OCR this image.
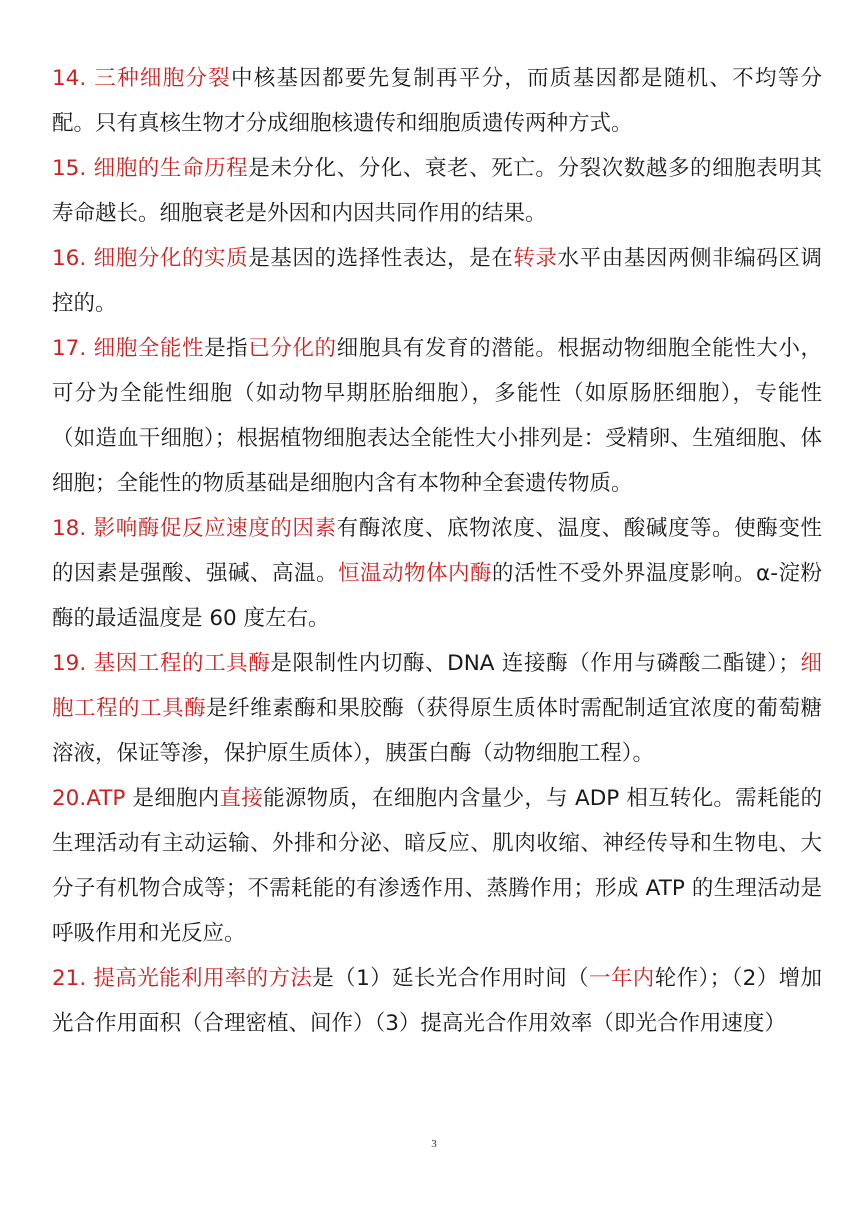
14. 三种细胞分裂中核基因都要先复制再平分，而质基因都是随机、不均等分配。只有真核生物才分成细胞核遗传和细胞质遗传两种方式。

15. 细胞的生命历程是未分化、分化、衰老、死亡。分裂次数越多的细胞表明其寿命越长。细胞衰老是外因和内因共同作用的结果。

16. 细胞分化的实质是基因的选择性表达，是在转录水平由基因两侧非编码区调控的。

17. 细胞全能性是指已分化的细胞具有发育的潜能。根据动物细胞全能性大小，可分为全能性细胞（如动物早期胚胎细胞），多能性（如原肠胚细胞），专能性（如造血干细胞）；根据植物细胞表达全能性大小排列是：受精卵、生殖细胞、体细胞；全能性的物质基础是细胞内含有本物种全套遗传物质。

18. 影响酶促反应速度的因素有酶浓度、底物浓度、温度、酸碱度等。使酶变性的因素是强酸、强碱、高温。恒温动物体内酶的活性不受外界温度影响。α-淀粉酶的最适温度是 60 度左右。

19. 基因工程的工具酶是限制性内切酶、DNA 连接酶（作用与磷酸二酯键）；细胞工程的工具酶是纤维素酶和果胶酶（获得原生质体时需配制适宜浓度的葡萄糖溶液，保证等渗，保护原生质体），胰蛋白酶（动物细胞工程）。

20.ATP 是细胞内直接能源物质，在细胞内含量少，与 ADP 相互转化。需耗能的生理活动有主动运输、外排和分泌、暗反应、肌肉收缩、神经传导和生物电、大分子有机物合成等；不需耗能的有渗透作用、蒸腾作用；形成 ATP 的生理活动是呼吸作用和光反应。

21. 提高光能利用率的方法是（1）延长光合作用时间（一年内轮作）；（2）增加光合作用面积（合理密植、间作）（3）提高光合作用效率（即光合作用速度）

3
